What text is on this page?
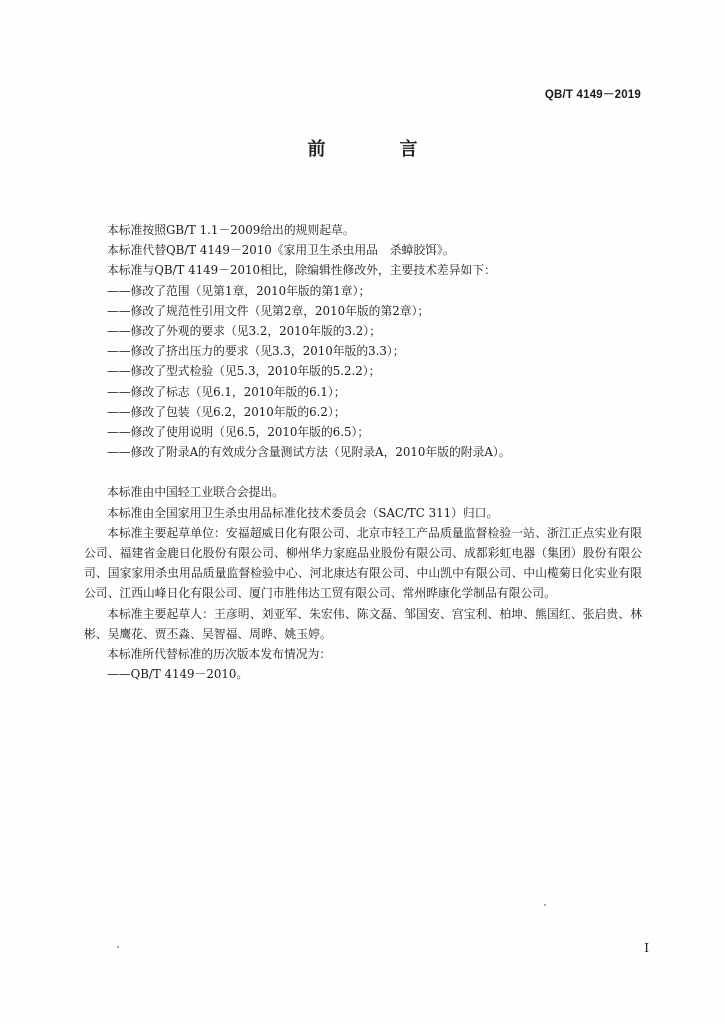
QB/T 4149－2019
前　言
本标准按照GB/T 1.1－2009给出的规则起草。
本标准代替QB/T 4149－2010《家用卫生杀虫用品　杀蟑胶饵》。
本标准与QB/T 4149－2010相比，除编辑性修改外，主要技术差异如下：
——修改了范围（见第1章，2010年版的第1章）；
——修改了规范性引用文件（见第2章，2010年版的第2章）；
——修改了外观的要求（见3.2，2010年版的3.2）；
——修改了挤出压力的要求（见3.3，2010年版的3.3）；
——修改了型式检验（见5.3，2010年版的5.2.2）；
——修改了标志（见6.1，2010年版的6.1）；
——修改了包装（见6.2，2010年版的6.2）；
——修改了使用说明（见6.5，2010年版的6.5）；
——修改了附录A的有效成分含量测试方法（见附录A，2010年版的附录A）。
本标准由中国轻工业联合会提出。
本标准由全国家用卫生杀虫用品标准化技术委员会（SAC/TC 311）归口。
本标准主要起草单位：安福超威日化有限公司、北京市轻工产品质量监督检验一站、浙江正点实业有限公司、福建省金鹿日化股份有限公司、柳州华力家庭品业股份有限公司、成都彩虹电器（集团）股份有限公司、国家家用杀虫用品质量监督检验中心、河北康达有限公司、中山凯中有限公司、中山榄菊日化实业有限公司、江西山峰日化有限公司、厦门市胜伟达工贸有限公司、常州晔康化学制品有限公司。
本标准主要起草人：王彦明、刘亚军、朱宏伟、陈文磊、邹国安、宫宝利、柏坤、熊国红、张启贵、林彬、吴鹰花、贾丕淼、吴智福、周晔、姚玉婷。
本标准所代替标准的历次版本发布情况为：
——QB/T 4149－2010。
I
